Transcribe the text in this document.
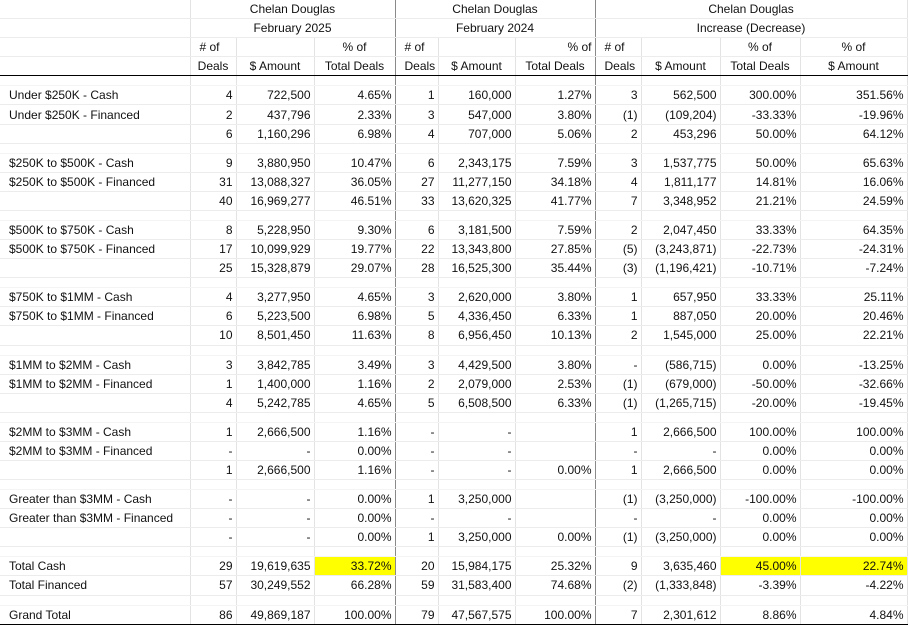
	Chelan Douglas			Chelan Douglas			Chelan Douglas			
	February 2025			February 2024			Increase (Decrease)			
	# of		% of	# of		% of	# of		% of	% of
	Deals	$ Amount	Total Deals	Deals	$ Amount	Total Deals	Deals	$ Amount	Total Deals	$ Amount

Under $250K - Cash	4	722,500	4.65%	1	160,000	1.27%	3	562,500	300.00%	351.56%
Under $250K - Financed	2	437,796	2.33%	3	547,000	3.80%	(1)	(109,204)	-33.33%	-19.96%
	6	1,160,296	6.98%	4	707,000	5.06%	2	453,296	50.00%	64.12%

$250K to $500K - Cash	9	3,880,950	10.47%	6	2,343,175	7.59%	3	1,537,775	50.00%	65.63%
$250K to $500K - Financed	31	13,088,327	36.05%	27	11,277,150	34.18%	4	1,811,177	14.81%	16.06%
	40	16,969,277	46.51%	33	13,620,325	41.77%	7	3,348,952	21.21%	24.59%

$500K to $750K - Cash	8	5,228,950	9.30%	6	3,181,500	7.59%	2	2,047,450	33.33%	64.35%
$500K to $750K - Financed	17	10,099,929	19.77%	22	13,343,800	27.85%	(5)	(3,243,871)	-22.73%	-24.31%
	25	15,328,879	29.07%	28	16,525,300	35.44%	(3)	(1,196,421)	-10.71%	-7.24%

$750K to $1MM - Cash	4	3,277,950	4.65%	3	2,620,000	3.80%	1	657,950	33.33%	25.11%
$750K to $1MM - Financed	6	5,223,500	6.98%	5	4,336,450	6.33%	1	887,050	20.00%	20.46%
	10	8,501,450	11.63%	8	6,956,450	10.13%	2	1,545,000	25.00%	22.21%

$1MM to $2MM - Cash	3	3,842,785	3.49%	3	4,429,500	3.80%	-	(586,715)	0.00%	-13.25%
$1MM to $2MM - Financed	1	1,400,000	1.16%	2	2,079,000	2.53%	(1)	(679,000)	-50.00%	-32.66%
	4	5,242,785	4.65%	5	6,508,500	6.33%	(1)	(1,265,715)	-20.00%	-19.45%

$2MM to $3MM - Cash	1	2,666,500	1.16%	-	-		1	2,666,500	100.00%	100.00%
$2MM to $3MM - Financed	-	-	0.00%	-	-		-	-	0.00%	0.00%
	1	2,666,500	1.16%	-	-	0.00%	1	2,666,500	0.00%	0.00%

Greater than $3MM - Cash	-	-	0.00%	1	3,250,000		(1)	(3,250,000)	-100.00%	-100.00%
Greater than $3MM - Financed	-	-	0.00%	-	-		-	-	0.00%	0.00%
	-	-	0.00%	1	3,250,000	0.00%	(1)	(3,250,000)	0.00%	0.00%

Total Cash	29	19,619,635	33.72%	20	15,984,175	25.32%	9	3,635,460	45.00%	22.74%
Total Financed	57	30,249,552	66.28%	59	31,583,400	74.68%	(2)	(1,333,848)	-3.39%	-4.22%

Grand Total	86	49,869,187	100.00%	79	47,567,575	100.00%	7	2,301,612	8.86%	4.84%
